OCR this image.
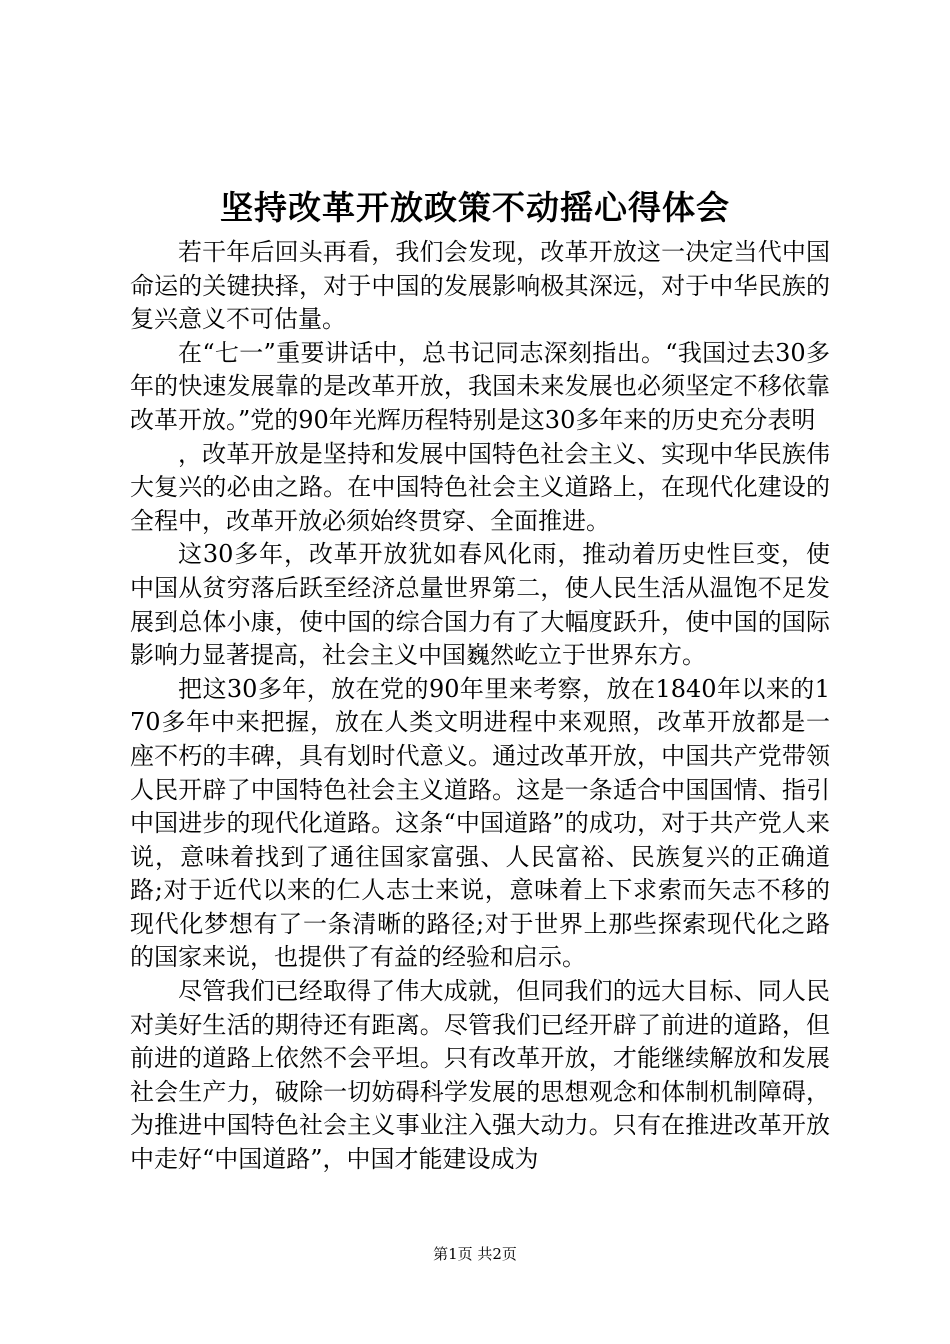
坚持改革开放政策不动摇心得体会

若干年后回头再看，我们会发现，改革开放这一决定当代中国命运的关键抉择，对于中国的发展影响极其深远，对于中华民族的复兴意义不可估量。

在“七一”重要讲话中，总书记同志深刻指出。“我国过去30多年的快速发展靠的是改革开放，我国未来发展也必须坚定不移依靠改革开放。”党的90年光辉历程特别是这30多年来的历史充分表明

，改革开放是坚持和发展中国特色社会主义、实现中华民族伟大复兴的必由之路。在中国特色社会主义道路上，在现代化建设的全程中，改革开放必须始终贯穿、全面推进。

这30多年，改革开放犹如春风化雨，推动着历史性巨变，使中国从贫穷落后跃至经济总量世界第二，使人民生活从温饱不足发展到总体小康，使中国的综合国力有了大幅度跃升，使中国的国际影响力显著提高，社会主义中国巍然屹立于世界东方。

把这30多年，放在党的90年里来考察，放在1840年以来的170多年中来把握，放在人类文明进程中来观照，改革开放都是一座不朽的丰碑，具有划时代意义。通过改革开放，中国共产党带领人民开辟了中国特色社会主义道路。这是一条适合中国国情、指引中国进步的现代化道路。这条“中国道路”的成功，对于共产党人来说，意味着找到了通往国家富强、人民富裕、民族复兴的正确道路;对于近代以来的仁人志士来说，意味着上下求索而矢志不移的现代化梦想有了一条清晰的路径;对于世界上那些探索现代化之路的国家来说，也提供了有益的经验和启示。

尽管我们已经取得了伟大成就，但同我们的远大目标、同人民对美好生活的期待还有距离。尽管我们已经开辟了前进的道路，但前进的道路上依然不会平坦。只有改革开放，才能继续解放和发展社会生产力，破除一切妨碍科学发展的思想观念和体制机制障碍，为推进中国特色社会主义事业注入强大动力。只有在推进改革开放中走好“中国道路”，中国才能建设成为

第1页 共2页
